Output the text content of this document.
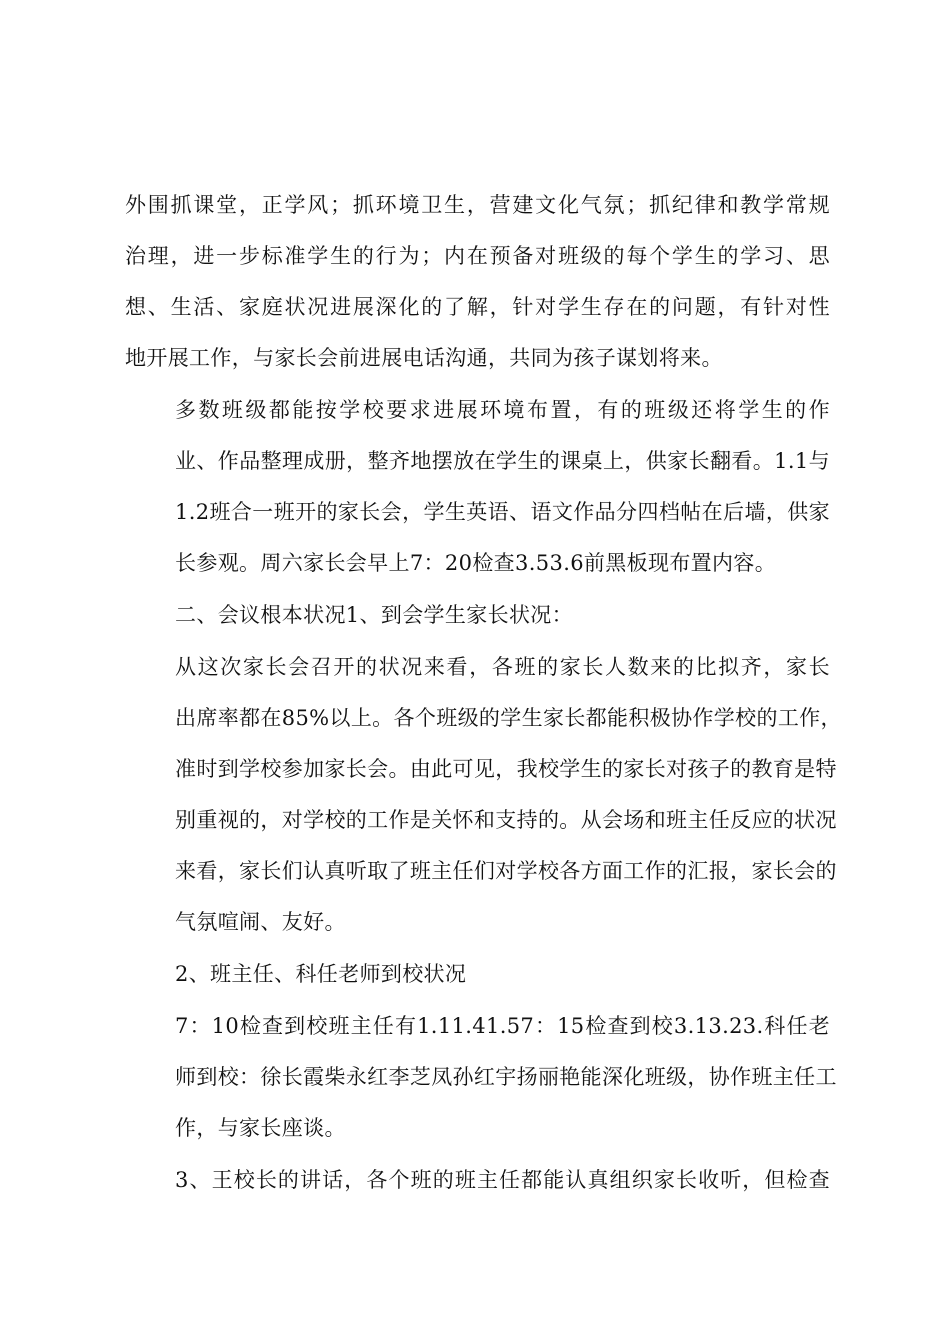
外围抓课堂，正学风；抓环境卫生，营建文化气氛；抓纪律和教学常规
治理，进一步标准学生的行为；内在预备对班级的每个学生的学习、思
想、生活、家庭状况进展深化的了解，针对学生存在的问题，有针对性
地开展工作，与家长会前进展电话沟通，共同为孩子谋划将来。

多数班级都能按学校要求进展环境布置，有的班级还将学生的作
业、作品整理成册，整齐地摆放在学生的课桌上，供家长翻看。1.1与
1.2班合一班开的家长会，学生英语、语文作品分四档帖在后墙，供家
长参观。周六家长会早上7：20检查3.53.6前黑板现布置内容。

二、会议根本状况1、到会学生家长状况：

从这次家长会召开的状况来看，各班的家长人数来的比拟齐，家长
出席率都在85%以上。各个班级的学生家长都能积极协作学校的工作，
准时到学校参加家长会。由此可见，我校学生的家长对孩子的教育是特
别重视的，对学校的工作是关怀和支持的。从会场和班主任反应的状况
来看，家长们认真听取了班主任们对学校各方面工作的汇报，家长会的
气氛喧闹、友好。

2、班主任、科任老师到校状况

7：10检查到校班主任有1.11.41.57：15检查到校3.13.23.科任老
师到校：徐长霞柴永红李芝凤孙红宇扬丽艳能深化班级，协作班主任工
作，与家长座谈。

3、王校长的讲话，各个班的班主任都能认真组织家长收听，但检查
